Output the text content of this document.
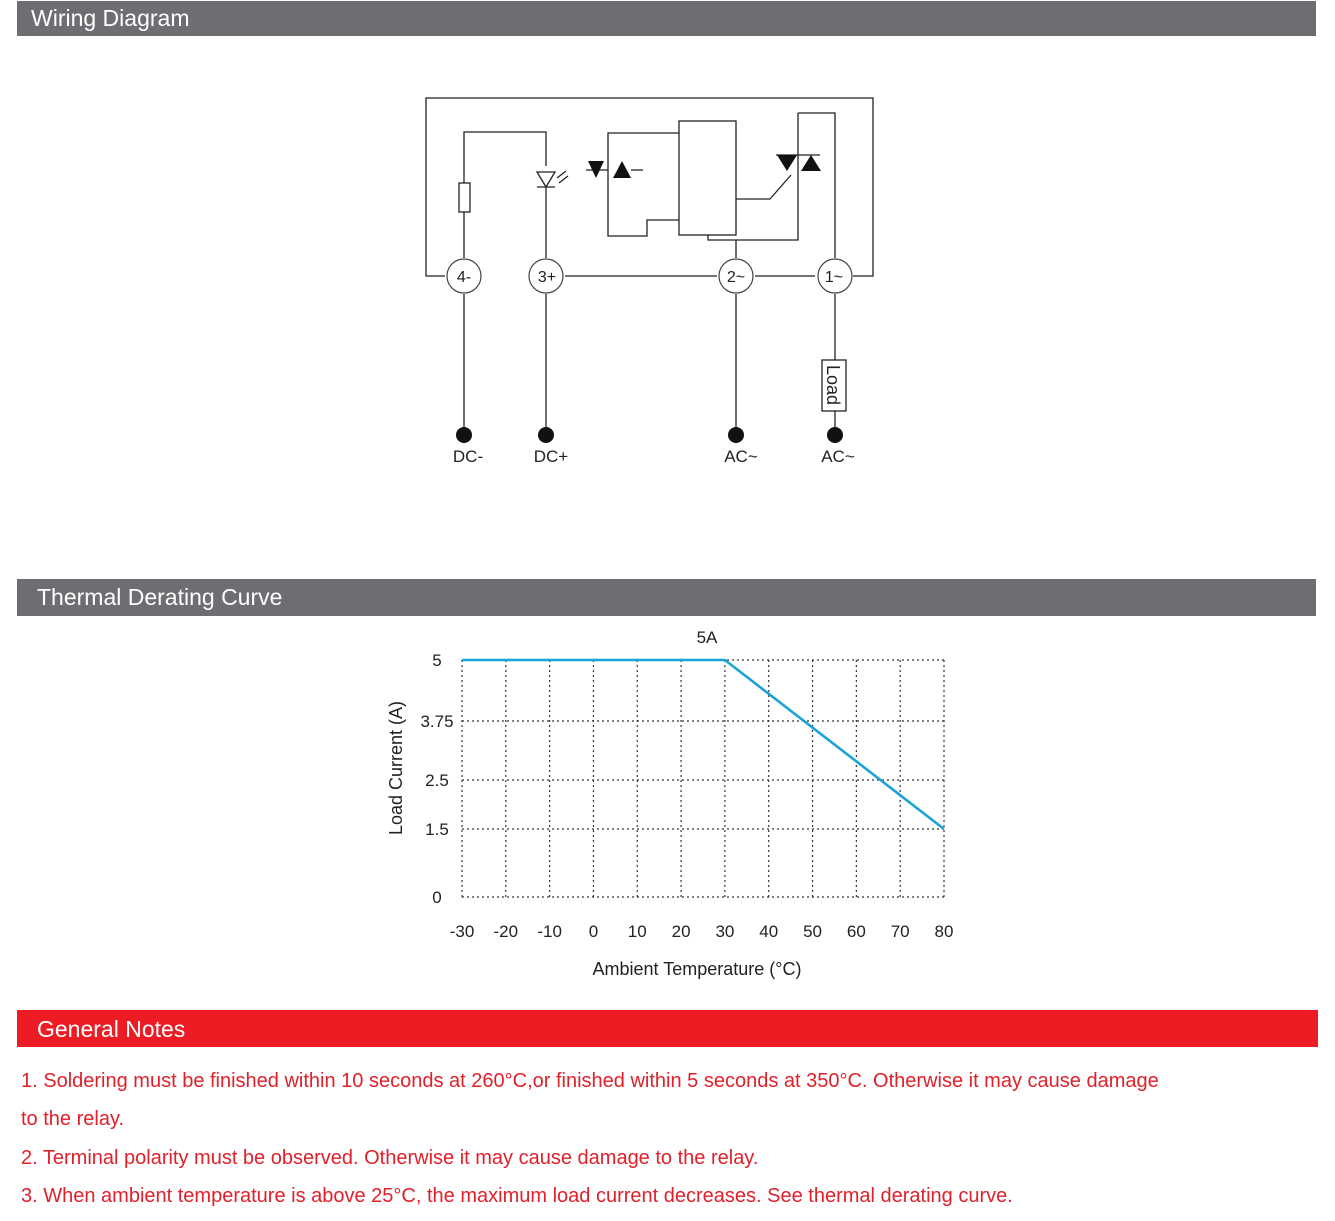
Wiring Diagram
4-	3+	2~	1~
DC-	DC+	AC~	AC~
Load
Thermal Derating Curve
-30 -20 -10 0 10 20 30 40 50 60 70 80
0
1.5
2.5
3.75
5
5A
Ambient Temperature (°C)
Load Current (A)
General Notes
1. Soldering must be finished within 10 seconds at 260°C,or finished within 5 seconds at 350°C. Otherwise it may cause damage
to the relay.
2. Terminal polarity must be observed. Otherwise it may cause damage to the relay.
3. When ambient temperature is above 25°C, the maximum load current decreases. See thermal derating curve.
